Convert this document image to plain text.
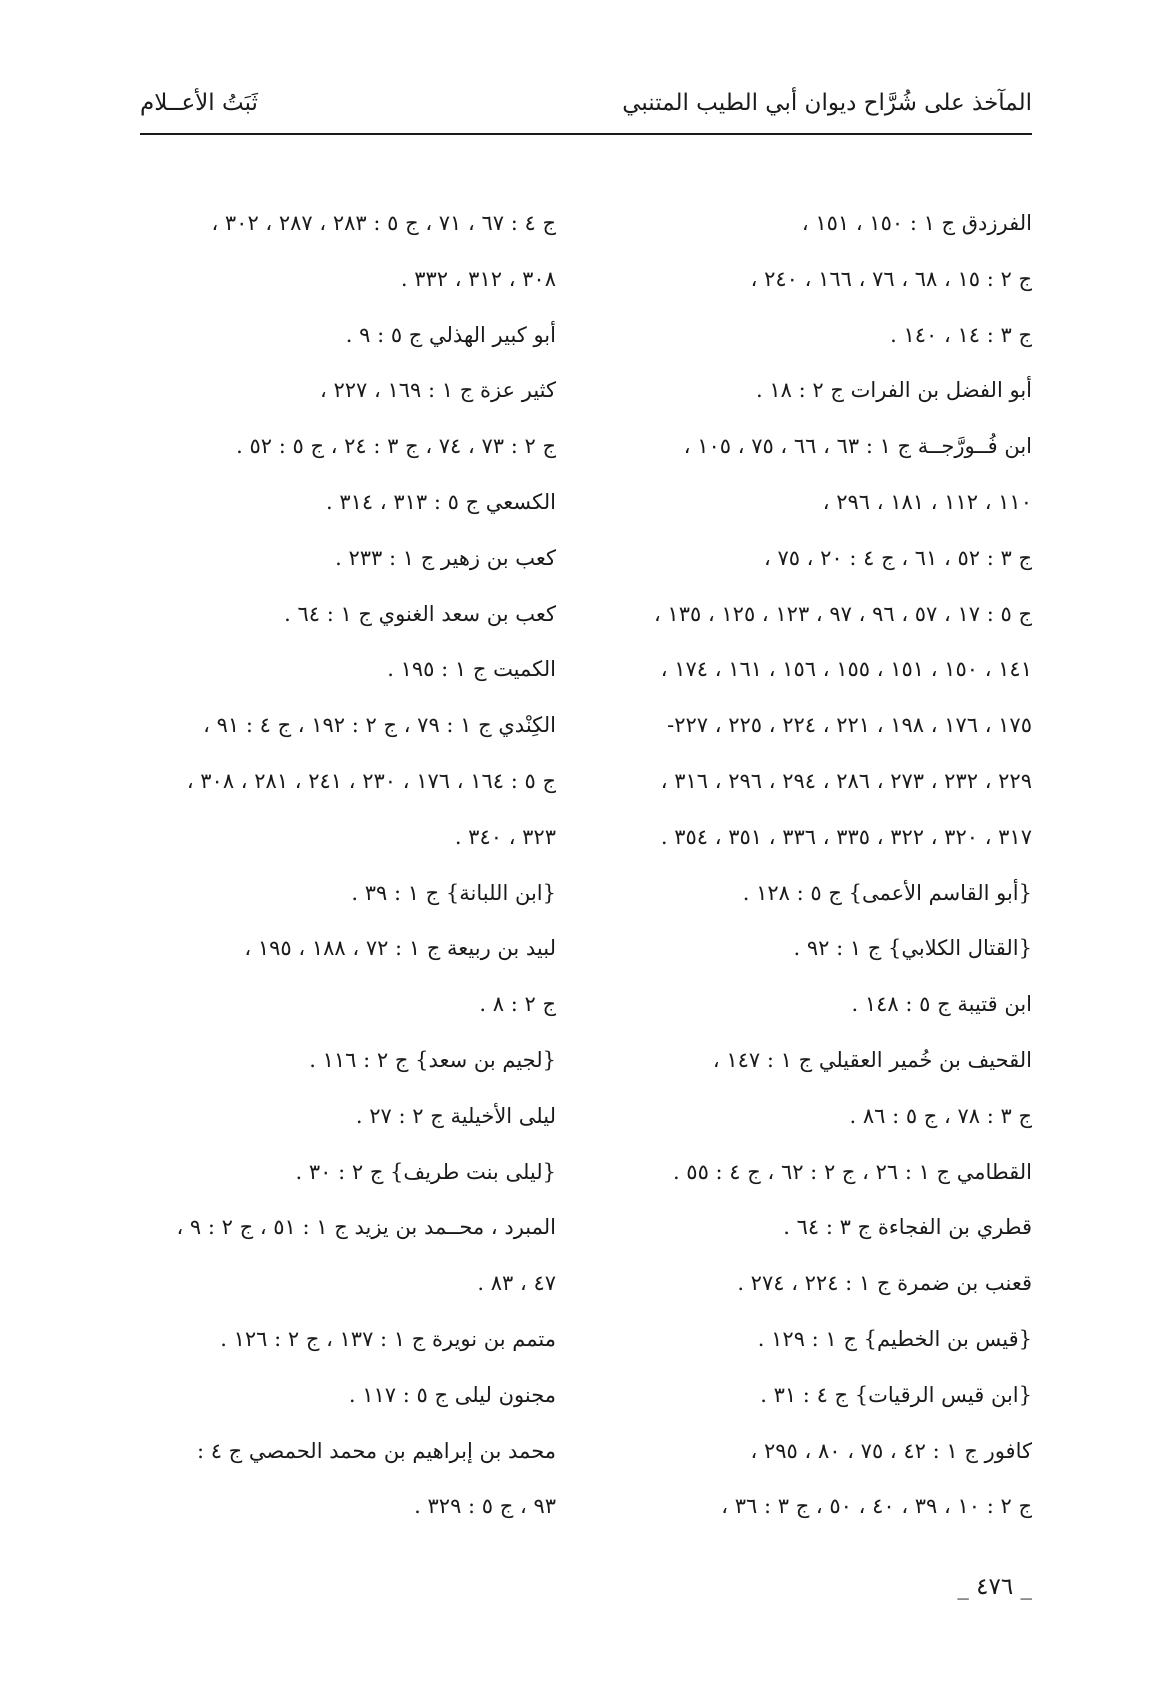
المآخذ على شُرَّاح ديوان أبي الطيب المتنبي
ثَبَتُ الأعــلام
الفرزدق ج ١ : ١٥٠ ، ١٥١ ،
ج ٢ : ١٥ ، ٦٨ ، ٧٦ ، ١٦٦ ، ٢٤٠ ،
ج ٣ : ١٤ ، ١٤٠ .
أبو الفضل بن الفرات ج ٢ : ١٨ .
ابن فُــورَّجــة ج ١ : ٦٣ ، ٦٦ ، ٧٥ ، ١٠٥ ،
١١٠ ، ١١٢ ، ١٨١ ، ٢٩٦ ،
ج ٣ : ٥٢ ، ٦١ ، ج ٤ : ٢٠ ، ٧٥ ،
ج ٥ : ١٧ ، ٥٧ ، ٩٦ ، ٩٧ ، ١٢٣ ، ١٢٥ ، ١٣٥ ،
١٤١ ، ١٥٠ ، ١٥١ ، ١٥٥ ، ١٥٦ ، ١٦١ ، ١٧٤ ،
١٧٥ ، ١٧٦ ، ١٩٨ ، ٢٢١ ، ٢٢٤ ، ٢٢٥ ، ٢٢٧-
٢٢٩ ، ٢٣٢ ، ٢٧٣ ، ٢٨٦ ، ٢٩٤ ، ٢٩٦ ، ٣١٦ ،
٣١٧ ، ٣٢٠ ، ٣٢٢ ، ٣٣٥ ، ٣٣٦ ، ٣٥١ ، ٣٥٤ .
{أبو القاسم الأعمى} ج ٥ : ١٢٨ .
{القتال الكلابي} ج ١ : ٩٢ .
ابن قتيبة ج ٥ : ١٤٨ .
القحيف بن خُمير العقيلي ج ١ : ١٤٧ ،
ج ٣ : ٧٨ ، ج ٥ : ٨٦ .
القطامي ج ١ : ٢٦ ، ج ٢ : ٦٢ ، ج ٤ : ٥٥ .
قطري بن الفجاءة ج ٣ : ٦٤ .
قعنب بن ضمرة ج ١ : ٢٢٤ ، ٢٧٤ .
{قيس بن الخطيم} ج ١ : ١٢٩ .
{ابن قيس الرقيات} ج ٤ : ٣١ .
كافور ج ١ : ٤٢ ، ٧٥ ، ٨٠ ، ٢٩٥ ،
ج ٢ : ١٠ ، ٣٩ ، ٤٠ ، ٥٠ ، ج ٣ : ٣٦ ،
ج ٤ : ٦٧ ، ٧١ ، ج ٥ : ٢٨٣ ، ٢٨٧ ، ٣٠٢ ،
٣٠٨ ، ٣١٢ ، ٣٣٢ .
أبو كبير الهذلي ج ٥ : ٩ .
كثير عزة ج ١ : ١٦٩ ، ٢٢٧ ،
ج ٢ : ٧٣ ، ٧٤ ، ج ٣ : ٢٤ ، ج ٥ : ٥٢ .
الكسعي ج ٥ : ٣١٣ ، ٣١٤ .
كعب بن زهير ج ١ : ٢٣٣ .
كعب بن سعد الغنوي ج ١ : ٦٤ .
الكميت ج ١ : ١٩٥ .
الكِنْدي ج ١ : ٧٩ ، ج ٢ : ١٩٢ ، ج ٤ : ٩١ ،
ج ٥ : ١٦٤ ، ١٧٦ ، ٢٣٠ ، ٢٤١ ، ٢٨١ ، ٣٠٨ ،
٣٢٣ ، ٣٤٠ .
{ابن اللبانة} ج ١ : ٣٩ .
لبيد بن ربيعة ج ١ : ٧٢ ، ١٨٨ ، ١٩٥ ،
ج ٢ : ٨ .
{لجيم بن سعد} ج ٢ : ١١٦ .
ليلى الأخيلية ج ٢ : ٢٧ .
{ليلى بنت طريف} ج ٢ : ٣٠ .
المبرد ، محــمد بن يزيد ج ١ : ٥١ ، ج ٢ : ٩ ،
٤٧ ، ٨٣ .
متمم بن نويرة ج ١ : ١٣٧ ، ج ٢ : ١٢٦ .
مجنون ليلى ج ٥ : ١١٧ .
محمد بن إبراهيم بن محمد الحمصي ج ٤ :
٩٣ ، ج ٥ : ٣٢٩ .
_ ٤٧٦ _
